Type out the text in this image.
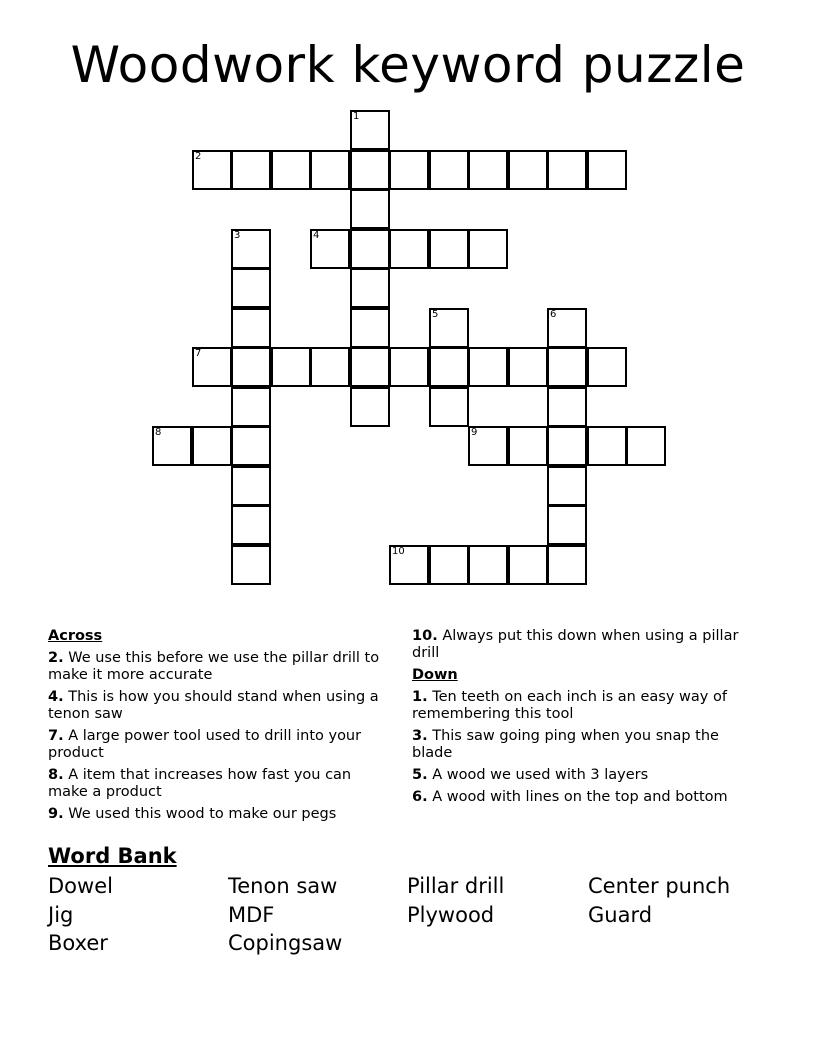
Woodwork keyword puzzle
1
2
3	4
5	6
7
8	9
10
Across
2. We use this before we use the pillar drill to make it more accurate
4. This is how you should stand when using a tenon saw
7. A large power tool used to drill into your product
8. A item that increases how fast you can make a product
9. We used this wood to make our pegs
10. Always put this down when using a pillar drill
Down
1. Ten teeth on each inch is an easy way of remembering this tool
3. This saw going ping when you snap the blade
5. A wood we used with 3 layers
6. A wood with lines on the top and bottom
Word Bank
Dowel	Tenon saw	Pillar drill	Center punch
Jig	MDF	Plywood	Guard
Boxer	Copingsaw
